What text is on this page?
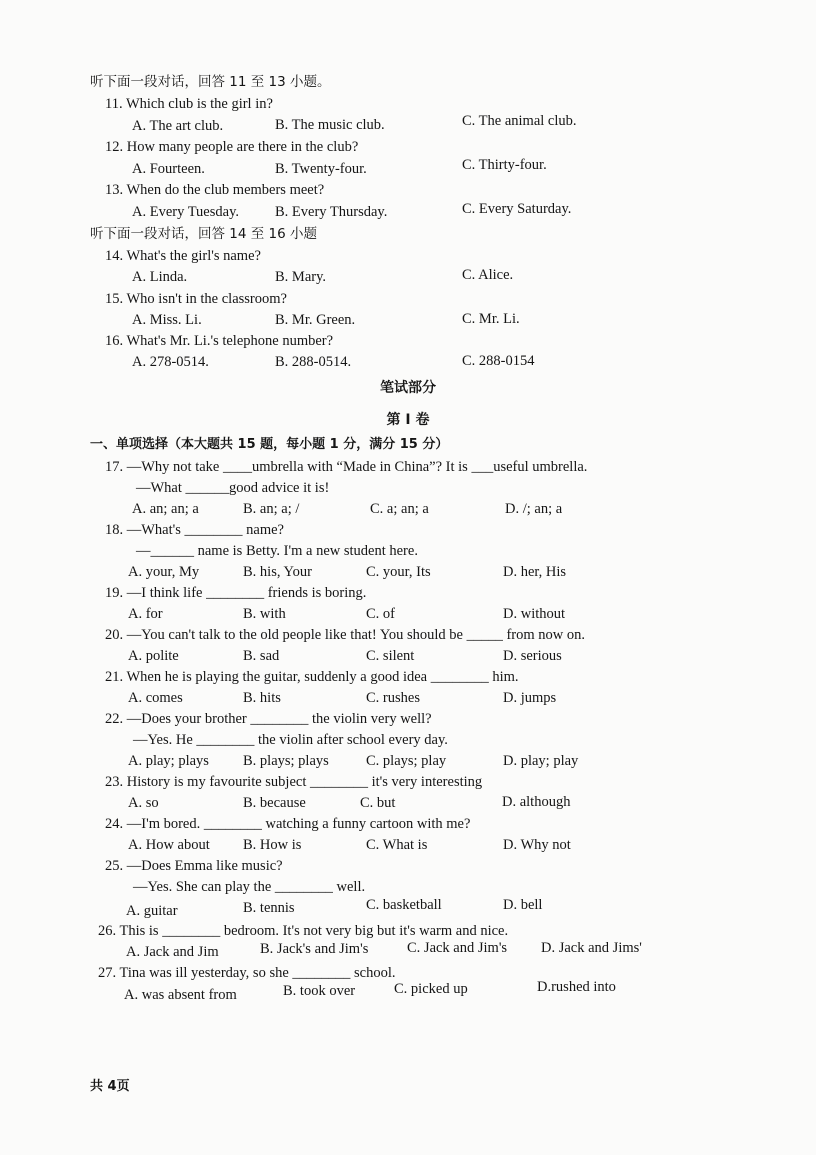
听下面一段对话，回答 11 至 13 小题。
11. Which club is the girl in?
A. The art club.	B. The music club.	C. The animal club.
12. How many people are there in the club?
A. Fourteen.	B. Twenty-four.	C. Thirty-four.
13. When do the club members meet?
A. Every Tuesday. B. Every Thursday.	C. Every Saturday.
听下面一段对话，回答 14 至 16 小题
14. What's the girl's name?
A. Linda.	B. Mary.	C. Alice.
15. Who isn't in the classroom?
A. Miss. Li.	B. Mr. Green.	C. Mr. Li.
16. What's Mr. Li.'s telephone number?
A. 278-0514.	B. 288-0514.	C. 288-0154
笔试部分
第 I 卷
一、单项选择（本大题共 15 题，每小题 1 分，满分 15 分）
17. —Why not take ____umbrella with “Made in China”? It is ___useful umbrella.
—What ______good advice it is!
A. an; an; a	B. an; a; /	C. a; an; a	D. /; an; a
18. —What's ________ name?
—______ name is Betty. I'm a new student here.
A. your, My	B. his, Your	C. your, Its	D. her, His
19. —I think life ________ friends is boring.
A. for	B. with	C. of	D. without
20. —You can't talk to the old people like that! You should be _____ from now on.
A. polite	B. sad	C. silent	D. serious
21. When he is playing the guitar, suddenly a good idea ________ him.
A. comes	B. hits	C. rushes	D. jumps
22. —Does your brother ________ the violin very well?
—Yes. He ________ the violin after school every day.
A. play; plays B. plays; plays	C. plays; play	D. play; play
23. History is my favourite subject ________ it's very interesting
A. so	B. because	C. but	D. although
24. —I'm bored. ________ watching a funny cartoon with me?
A. How about B. How is	C. What is	D. Why not
25. —Does Emma like music?
—Yes. She can play the ________ well.
A. guitar	B. tennis	C. basketball	D. bell
26. This is ________ bedroom. It's not very big but it's warm and nice.
A. Jack and Jim	B. Jack's and Jim's	C. Jack and Jim's D. Jack and Jims'
27. Tina was ill yesterday, so she ________ school.
A. was absent from	B. took over	C. picked up	D.rushed into
共 4页
